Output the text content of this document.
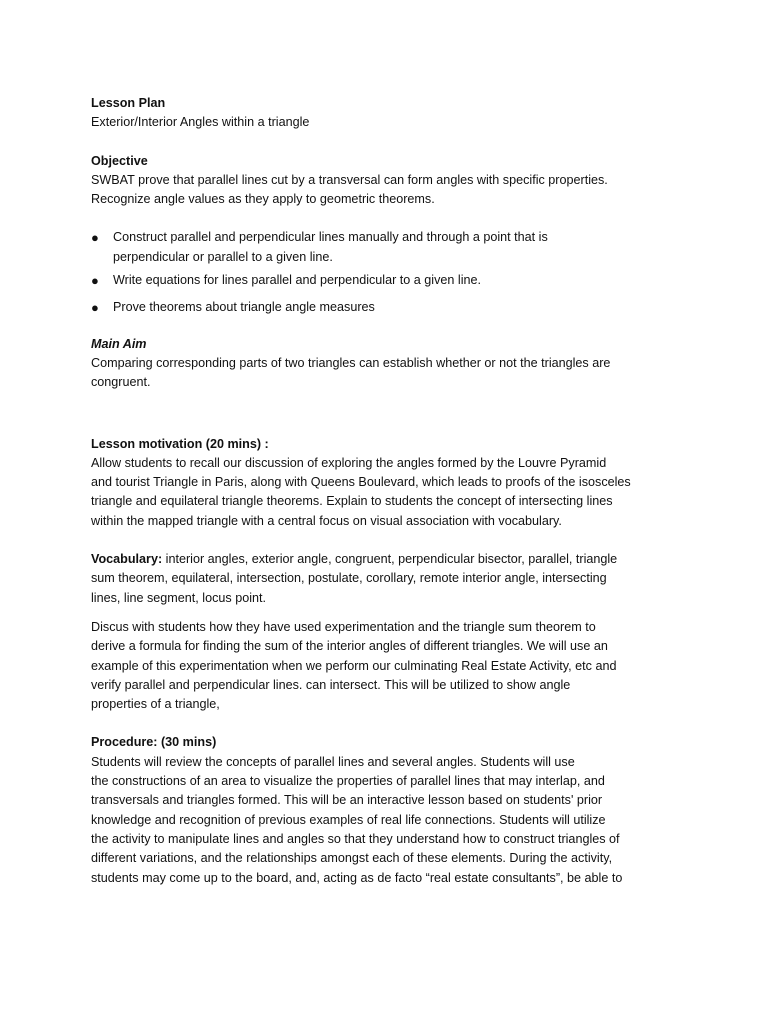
Lesson Plan
Exterior/Interior Angles within a triangle
Objective
SWBAT prove that parallel lines cut by a transversal can form angles with specific properties.
Recognize angle values as they apply to geometric theorems.
● Construct parallel and perpendicular lines manually and through a point that is
perpendicular or parallel to a given line.
● Write equations for lines parallel and perpendicular to a given line.
● Prove theorems about triangle angle measures
Main Aim
Comparing corresponding parts of two triangles can establish whether or not the triangles are
congruent.
Lesson motivation (20 mins) :
Allow students to recall our discussion of exploring the angles formed by the Louvre Pyramid
and tourist Triangle in Paris, along with Queens Boulevard, which leads to proofs of the isosceles
triangle and equilateral triangle theorems. Explain to students the concept of intersecting lines
within the mapped triangle with a central focus on visual association with vocabulary.
Vocabulary: interior angles, exterior angle, congruent, perpendicular bisector, parallel, triangle
sum theorem, equilateral, intersection, postulate, corollary, remote interior angle, intersecting
lines, line segment, locus point.
Discus with students how they have used experimentation and the triangle sum theorem to
derive a formula for finding the sum of the interior angles of different triangles. We will use an
example of this experimentation when we perform our culminating Real Estate Activity, etc and
verify parallel and perpendicular lines. can intersect. This will be utilized to show angle
properties of a triangle,
Procedure: (30 mins)
Students will review the concepts of parallel lines and several angles. Students will use
the constructions of an area to visualize the properties of parallel lines that may interlap, and
transversals and triangles formed. This will be an interactive lesson based on students' prior
knowledge and recognition of previous examples of real life connections. Students will utilize
the activity to manipulate lines and angles so that they understand how to construct triangles of
different variations, and the relationships amongst each of these elements. During the activity,
students may come up to the board, and, acting as de facto “real estate consultants”, be able to
